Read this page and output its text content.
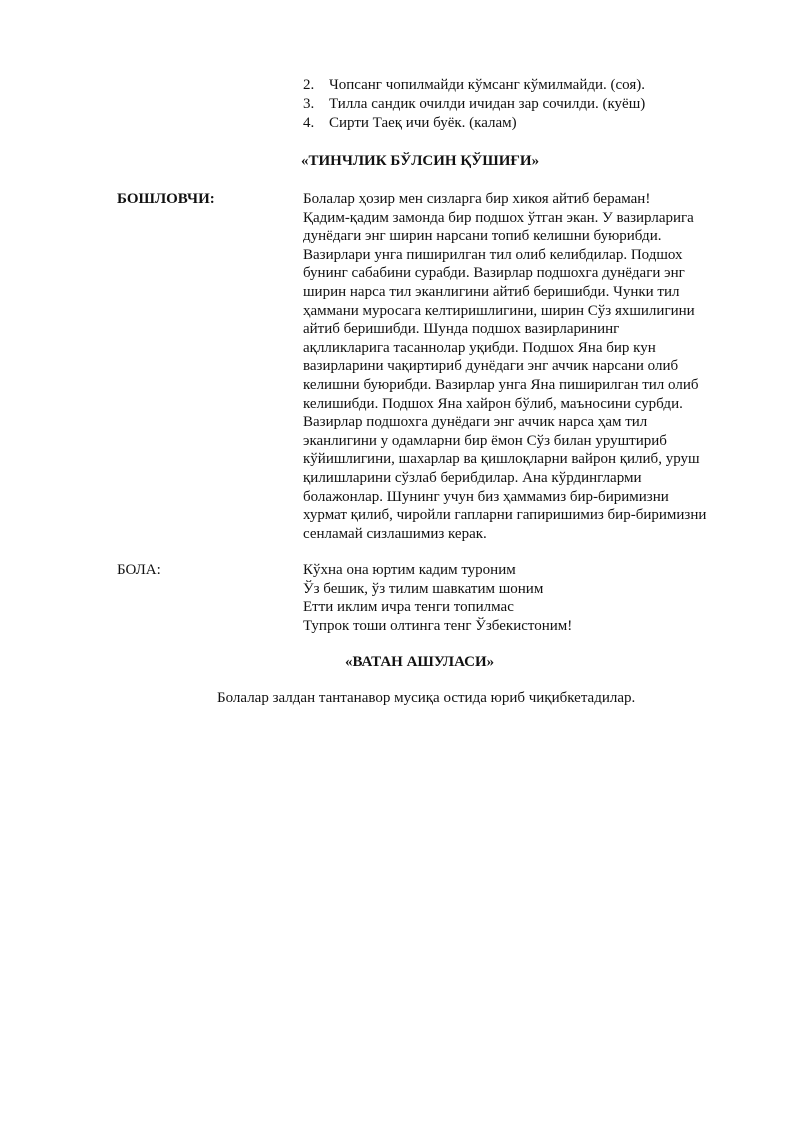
2. Чопсанг чопилмайди кўмсанг кўмилмайди. (соя).
3. Тилла сандик очилди ичидан зар сочилди. (куёш)
4. Сирти Таеқ ичи буёк. (калам)
«ТИНЧЛИК БЎЛСИН ҚЎШИҒИ»
БОШЛОВЧИ:	Болалар ҳозир мен сизларга бир хикоя айтиб бераман!
Қадим-қадим замонда бир подшох ўтган экан. У вазирларига
дунёдаги энг ширин нарсани топиб келишни буюрибди.
Вазирлари унга пиширилган тил олиб келибдилар. Подшох
бунинг сабабини сурабди. Вазирлар подшохга дунёдаги энг
ширин нарса тил эканлигини айтиб беришибди. Чунки тил
ҳаммани муросага келтиришлигини, ширин Сўз яхшилигини
айтиб беришибди. Шунда подшох вазирларининг
ақлликларига тасаннолар уқибди. Подшох Яна бир кун
вазирларини чақиртириб дунёдаги энг аччик нарсани олиб
келишни буюрибди. Вазирлар унга Яна пиширилган тил олиб
келишибди. Подшох Яна хайрон бўлиб, маъносини сурбди.
Вазирлар подшохга дунёдаги энг аччик нарса ҳам тил
эканлигини у одамларни бир ёмон Сўз билан уруштириб
кўйишлигини, шахарлар ва қишлоқларни вайрон қилиб, уруш
қилишларини сўзлаб берибдилар. Ана кўрдингларми
болажонлар. Шунинг учун биз ҳаммамиз бир-биримизни
хурмат қилиб, чиройли гапларни гапиришимиз бир-биримизни
сенламай сизлашимиз керак.
БОЛА:	Кўхна она юртим кадим туроним
Ўз бешик, ўз тилим шавкатим шоним
Етти иклим ичра тенги топилмас
Тупрок тоши олтинга тенг Ўзбекистоним!
«ВАТАН АШУЛАСИ»
Болалар залдан тантанавор мусиқа остида юриб чиқибкетадилар.
